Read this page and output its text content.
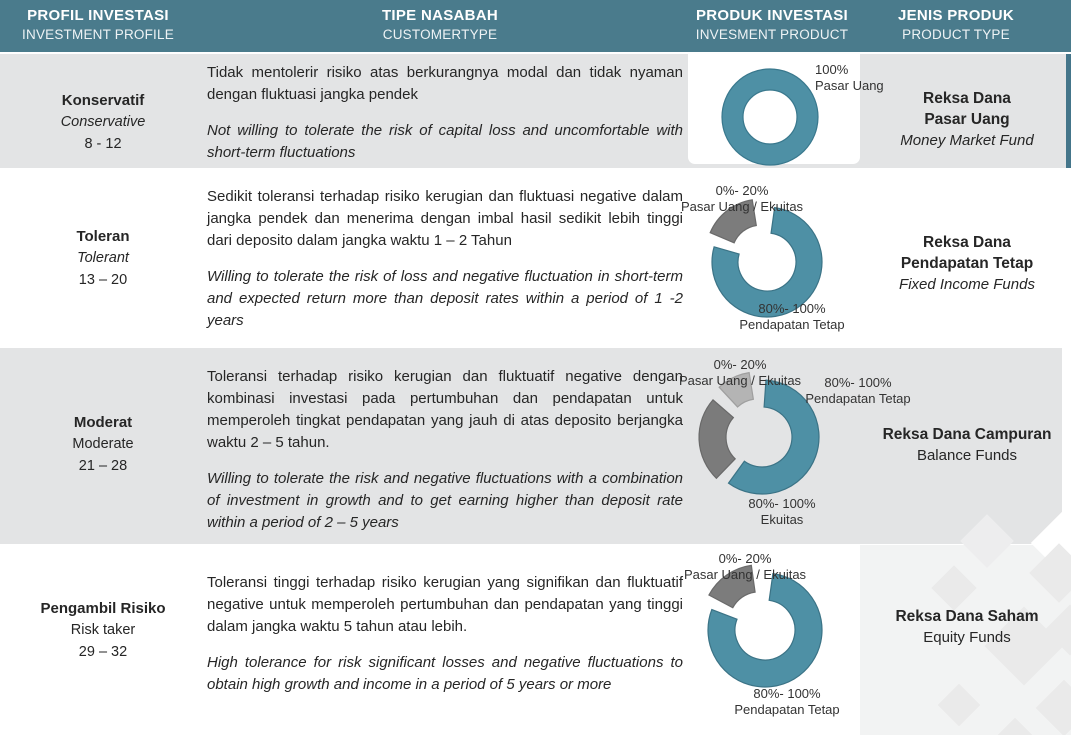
PROFIL INVESTASI
INVESTMENT PROFILE
TIPE NASABAH
CUSTOMERTYPE
PRODUK INVESTASI
INVESMENT PRODUCT
JENIS PRODUK
PRODUCT TYPE
Konservatif
Conservative
8 - 12

Tidak mentolerir risiko atas berkurangnya modal dan tidak nyaman dengan fluktuasi jangka pendek

Not willing to tolerate the risk of capital loss and uncomfortable with short-term fluctuations

100%
Pasar Uang
Reksa Dana
Pasar Uang
Money Market Fund
Toleran
Tolerant
13 – 20

Sedikit toleransi terhadap risiko kerugian dan fluktuasi negative dalam jangka pendek dan menerima dengan imbal hasil sedikit lebih tinggi dari deposito dalam jangka waktu 1 – 2 Tahun

Willing to tolerate the risk of loss and negative fluctuation in short-term and expected return more than deposit rates within a period of 1 -2 years

0%- 20%
Pasar Uang / Ekuitas
80%- 100%
Pendapatan Tetap
Reksa Dana
Pendapatan Tetap
Fixed Income Funds
Moderat
Moderate
21 – 28

Toleransi terhadap risiko kerugian dan fluktuatif negative dengan kombinasi investasi pada pertumbuhan dan pendapatan untuk memperoleh tingkat pendapatan yang jauh di atas deposito berjangka waktu 2 – 5 tahun.

Willing to tolerate the risk and negative fluctuations with a combination of investment in growth and to get earning higher than deposit rate within a period of 2 – 5 years

0%- 20%
Pasar Uang / Ekuitas	80%- 100%
Pendapatan Tetap
80%- 100%
Ekuitas
Reksa Dana Campuran
Balance Funds
Pengambil Risiko
Risk taker
29 – 32

Toleransi tinggi terhadap risiko kerugian yang signifikan dan fluktuatif negative untuk memperoleh pertumbuhan dan pendapatan yang tinggi dalam jangka waktu 5 tahun atau lebih.

High tolerance for risk significant losses and negative fluctuations to obtain high growth and income in a period of 5 years or more

0%- 20%
Pasar Uang / Ekuitas
80%- 100%
Pendapatan Tetap
Reksa Dana Saham
Equity Funds
